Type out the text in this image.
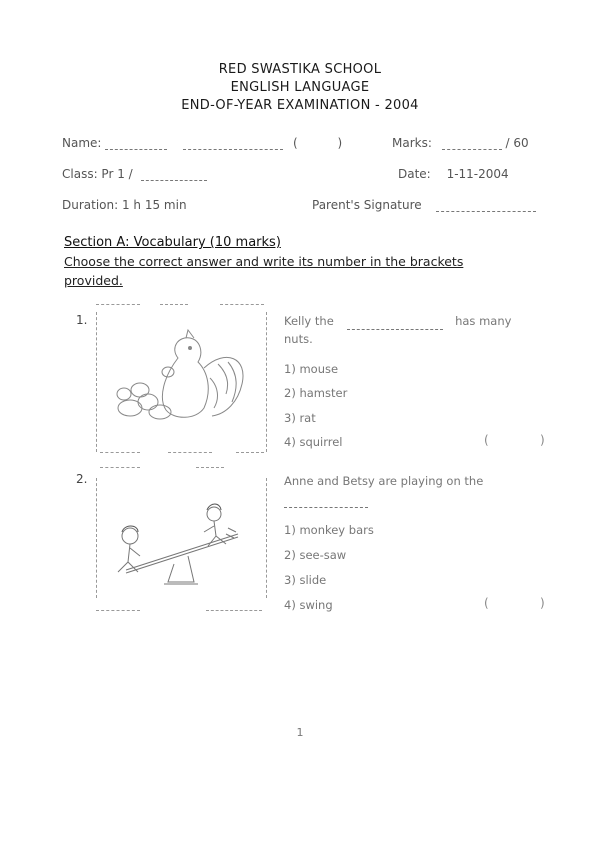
RED SWASTIKA SCHOOL
ENGLISH LANGUAGE
END-OF-YEAR EXAMINATION - 2004
Name:	(	)	Marks:	/ 60
Class: Pr 1 /	Date: 1-11-2004
Duration: 1 h 15 min	Parent's Signature
Section A: Vocabulary (10 marks)
Choose the correct answer and write its number in the brackets provided.
1.	Kelly the	has many
nuts.
1) mouse
2) hamster
3) rat
4) squirrel	(	)
2.	Anne and Betsy are playing on the

1) monkey bars
2) see-saw
3) slide
4) swing	(	)
1
